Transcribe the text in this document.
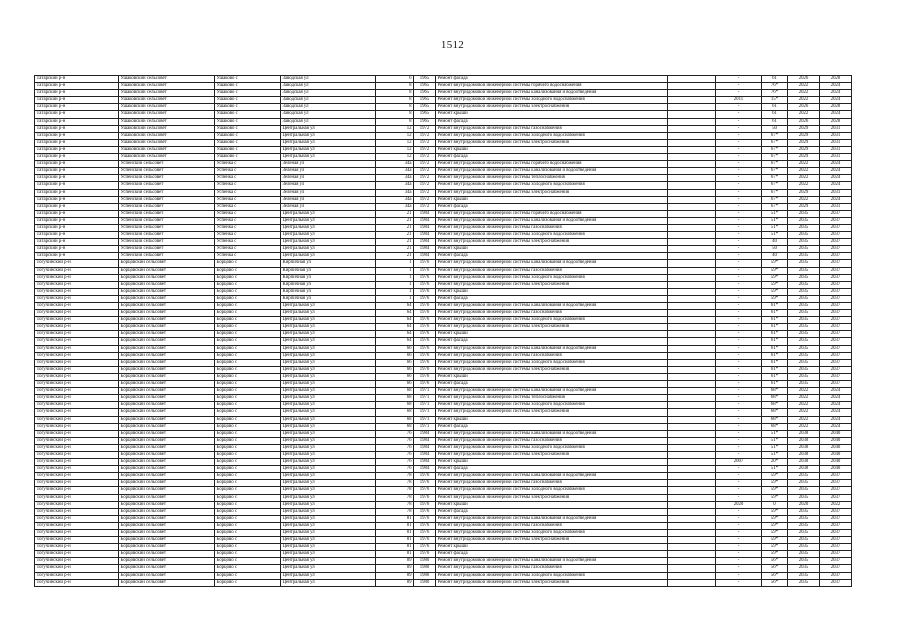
1512
Татарский р-н	Ушаковский сельсовет	Ушаково с	Заводская ул	6	1965	Ремонт фасада		-	61	2026	2028
Татарский р-н	Ушаковский сельсовет	Ушаково с	Заводская ул	8	1965	Ремонт внутридомовой инженерной системы горячего водоснабжения		-	76*	2022	2024
Татарский р-н	Ушаковский сельсовет	Ушаково с	Заводская ул	8	1965	Ремонт внутридомовой инженерной системы канализования и водоотведения		-	76*	2022	2024
Татарский р-н	Ушаковский сельсовет	Ушаково с	Заводская ул	8	1965	Ремонт внутридомовой инженерной системы холодного водоснабжения		2011	15*	2022	2024
Татарский р-н	Ушаковский сельсовет	Ушаково с	Заводская ул	8	1965	Ремонт внутридомовой инженерной системы электроснабжения		-	61	2026	2028
Татарский р-н	Ушаковский сельсовет	Ушаково с	Заводская ул	8	1965	Ремонт крыши		-	61	2022	2024
Татарский р-н	Ушаковский сельсовет	Ушаково с	Заводская ул	8	1965	Ремонт фасада		-	61	2026	2028
Татарский р-н	Ушаковский сельсовет	Ушаково с	Центральная ул	12	1972	Ремонт внутридомовой инженерной системы газоснабжения		-	50	2029	2031
Татарский р-н	Ушаковский сельсовет	Ушаково с	Центральная ул	12	1972	Ремонт внутридомовой инженерной системы холодного водоснабжения		-	67*	2029	2031
Татарский р-н	Ушаковский сельсовет	Ушаково с	Центральная ул	12	1972	Ремонт внутридомовой инженерной системы электроснабжения		-	67*	2029	2031
Татарский р-н	Ушаковский сельсовет	Ушаково с	Центральная ул	12	1972	Ремонт крыши		-	67*	2029	2031
Татарский р-н	Ушаковский сельсовет	Ушаково с	Центральная ул	12	1972	Ремонт фасада		-	67*	2029	2031
Татарский р-н	Успенский сельсовет	Успенка с	Зеленая ул	34а	1972	Ремонт внутридомовой инженерной системы горячего водоснабжения		-	67*	2022	2024
Татарский р-н	Успенский сельсовет	Успенка с	Зеленая ул	34а	1972	Ремонт внутридомовой инженерной системы канализования и водоотведения		-	67*	2022	2024
Татарский р-н	Успенский сельсовет	Успенка с	Зеленая ул	34а	1972	Ремонт внутридомовой инженерной системы теплоснабжения		-	67*	2022	2024
Татарский р-н	Успенский сельсовет	Успенка с	Зеленая ул	34а	1972	Ремонт внутридомовой инженерной системы холодного водоснабжения		-	67*	2022	2024
Татарский р-н	Успенский сельсовет	Успенка с	Зеленая ул	34а	1972	Ремонт внутридомовой инженерной системы электроснабжения		-	67*	2029	2031
Татарский р-н	Успенский сельсовет	Успенка с	Зеленая ул	34а	1972	Ремонт крыши		-	67*	2022	2024
Татарский р-н	Успенский сельсовет	Успенка с	Зеленая ул	34а	1972	Ремонт фасада		-	67*	2029	2031
Татарский р-н	Успенский сельсовет	Успенка с	Центральная ул	21	1984	Ремонт внутридомовой инженерной системы горячего водоснабжения		-	51*	2035	2037
Татарский р-н	Успенский сельсовет	Успенка с	Центральная ул	21	1984	Ремонт внутридомовой инженерной системы канализования и водоотведения		-	51*	2035	2037
Татарский р-н	Успенский сельсовет	Успенка с	Центральная ул	21	1984	Ремонт внутридомовой инженерной системы газоснабжения		-	51*	2035	2037
Татарский р-н	Успенский сельсовет	Успенка с	Центральная ул	21	1984	Ремонт внутридомовой инженерной системы холодного водоснабжения		-	51*	2035	2037
Татарский р-н	Успенский сельсовет	Успенка с	Центральная ул	21	1984	Ремонт внутридомовой инженерной системы электроснабжения		-	40	2035	2037
Татарский р-н	Успенский сельсовет	Успенка с	Центральная ул	21	1984	Ремонт крыши		-	50	2035	2037
Татарский р-н	Успенский сельсовет	Успенка с	Центральная ул	21	1984	Ремонт фасада		-	40	2035	2037
Тогучинский р-н	Борцовский сельсовет	Борцово с	Кирпичная ул	1	1976	Ремонт внутридомовой инженерной системы канализования и водоотведения		-	59*	2035	2037
Тогучинский р-н	Борцовский сельсовет	Борцово с	Кирпичная ул	1	1976	Ремонт внутридомовой инженерной системы газоснабжения		-	59*	2035	2037
Тогучинский р-н	Борцовский сельсовет	Борцово с	Кирпичная ул	1	1976	Ремонт внутридомовой инженерной системы холодного водоснабжения		-	59*	2035	2037
Тогучинский р-н	Борцовский сельсовет	Борцово с	Кирпичная ул	1	1976	Ремонт внутридомовой инженерной системы электроснабжения		-	59*	2035	2037
Тогучинский р-н	Борцовский сельсовет	Борцово с	Кирпичная ул	1	1976	Ремонт крыши		-	59*	2035	2037
Тогучинский р-н	Борцовский сельсовет	Борцово с	Кирпичная ул	1	1976	Ремонт фасада		-	59*	2035	2037
Тогучинский р-н	Борцовский сельсовет	Борцово с	Центральная ул	64	1976	Ремонт внутридомовой инженерной системы канализования и водоотведения		-	61*	2035	2037
Тогучинский р-н	Борцовский сельсовет	Борцово с	Центральная ул	64	1976	Ремонт внутридомовой инженерной системы газоснабжения		-	61*	2035	2037
Тогучинский р-н	Борцовский сельсовет	Борцово с	Центральная ул	64	1976	Ремонт внутридомовой инженерной системы холодного водоснабжения		-	61*	2035	2037
Тогучинский р-н	Борцовский сельсовет	Борцово с	Центральная ул	64	1976	Ремонт внутридомовой инженерной системы электроснабжения		-	61*	2035	2037
Тогучинский р-н	Борцовский сельсовет	Борцово с	Центральная ул	64	1976	Ремонт крыши		-	61*	2035	2037
Тогучинский р-н	Борцовский сельсовет	Борцово с	Центральная ул	64	1976	Ремонт фасада		-	61*	2035	2037
Тогучинский р-н	Борцовский сельсовет	Борцово с	Центральная ул	66	1976	Ремонт внутридомовой инженерной системы канализования и водоотведения		-	61*	2035	2037
Тогучинский р-н	Борцовский сельсовет	Борцово с	Центральная ул	66	1976	Ремонт внутридомовой инженерной системы газоснабжения		-	61*	2035	2037
Тогучинский р-н	Борцовский сельсовет	Борцово с	Центральная ул	66	1976	Ремонт внутридомовой инженерной системы холодного водоснабжения		-	61*	2035	2037
Тогучинский р-н	Борцовский сельсовет	Борцово с	Центральная ул	66	1976	Ремонт внутридомовой инженерной системы электроснабжения		-	61*	2035	2037
Тогучинский р-н	Борцовский сельсовет	Борцово с	Центральная ул	66	1976	Ремонт крыши		-	61*	2035	2037
Тогучинский р-н	Борцовский сельсовет	Борцово с	Центральная ул	66	1976	Ремонт фасада		-	61*	2035	2037
Тогучинский р-н	Борцовский сельсовет	Борцово с	Центральная ул	68	1971	Ремонт внутридомовой инженерной системы канализования и водоотведения		-	68*	2022	2024
Тогучинский р-н	Борцовский сельсовет	Борцово с	Центральная ул	68	1971	Ремонт внутридомовой инженерной системы теплоснабжения		-	68*	2022	2024
Тогучинский р-н	Борцовский сельсовет	Борцово с	Центральная ул	68	1971	Ремонт внутридомовой инженерной системы холодного водоснабжения		-	68*	2022	2024
Тогучинский р-н	Борцовский сельсовет	Борцово с	Центральная ул	68	1971	Ремонт внутридомовой инженерной системы электроснабжения		-	68*	2022	2024
Тогучинский р-н	Борцовский сельсовет	Борцово с	Центральная ул	68	1971	Ремонт крыши		-	68*	2022	2024
Тогучинский р-н	Борцовский сельсовет	Борцово с	Центральная ул	68	1971	Ремонт фасада		-	68*	2022	2024
Тогучинский р-н	Борцовский сельсовет	Борцово с	Центральная ул	76	1984	Ремонт внутридомовой инженерной системы канализования и водоотведения		-	51*	2038	2040
Тогучинский р-н	Борцовский сельсовет	Борцово с	Центральная ул	76	1984	Ремонт внутридомовой инженерной системы газоснабжения		-	51*	2038	2040
Тогучинский р-н	Борцовский сельсовет	Борцово с	Центральная ул	76	1984	Ремонт внутридомовой инженерной системы холодного водоснабжения		-	51*	2038	2040
Тогучинский р-н	Борцовский сельсовет	Борцово с	Центральная ул	76	1984	Ремонт внутридомовой инженерной системы электроснабжения		-	51*	2038	2040
Тогучинский р-н	Борцовский сельсовет	Борцово с	Центральная ул	76	1984	Ремонт крыши		2007	20*	2038	2040
Тогучинский р-н	Борцовский сельсовет	Борцово с	Центральная ул	76	1984	Ремонт фасада		-	51*	2038	2040
Тогучинский р-н	Борцовский сельсовет	Борцово с	Центральная ул	78	1976	Ремонт внутридомовой инженерной системы канализования и водоотведения		-	59*	2035	2037
Тогучинский р-н	Борцовский сельсовет	Борцово с	Центральная ул	78	1976	Ремонт внутридомовой инженерной системы газоснабжения		-	59*	2035	2037
Тогучинский р-н	Борцовский сельсовет	Борцово с	Центральная ул	78	1976	Ремонт внутридомовой инженерной системы холодного водоснабжения		-	59*	2035	2037
Тогучинский р-н	Борцовский сельсовет	Борцово с	Центральная ул	78	1976	Ремонт внутридомовой инженерной системы электроснабжения		-	59*	2035	2037
Тогучинский р-н	Борцовский сельсовет	Борцово с	Центральная ул	78	1976	Ремонт крыши		2020	0	2020	2022
Тогучинский р-н	Борцовский сельсовет	Борцово с	Центральная ул	78	1976	Ремонт фасада		-	59*	2035	2037
Тогучинский р-н	Борцовский сельсовет	Борцово с	Центральная ул	81	1976	Ремонт внутридомовой инженерной системы канализования и водоотведения		-	59*	2035	2037
Тогучинский р-н	Борцовский сельсовет	Борцово с	Центральная ул	81	1976	Ремонт внутридомовой инженерной системы газоснабжения		-	59*	2035	2037
Тогучинский р-н	Борцовский сельсовет	Борцово с	Центральная ул	81	1976	Ремонт внутридомовой инженерной системы холодного водоснабжения		-	59*	2035	2037
Тогучинский р-н	Борцовский сельсовет	Борцово с	Центральная ул	81	1976	Ремонт внутридомовой инженерной системы электроснабжения		-	59*	2035	2037
Тогучинский р-н	Борцовский сельсовет	Борцово с	Центральная ул	81	1976	Ремонт крыши		-	59*	2035	2037
Тогучинский р-н	Борцовский сельсовет	Борцово с	Центральная ул	81	1976	Ремонт фасада		-	59*	2035	2037
Тогучинский р-н	Борцовский сельсовет	Борцово с	Центральная ул	89	1980	Ремонт внутридомовой инженерной системы канализования и водоотведения		-	56*	2035	2037
Тогучинский р-н	Борцовский сельсовет	Борцово с	Центральная ул	89	1980	Ремонт внутридомовой инженерной системы газоснабжения		-	56*	2035	2037
Тогучинский р-н	Борцовский сельсовет	Борцово с	Центральная ул	89	1980	Ремонт внутридомовой инженерной системы холодного водоснабжения		-	56*	2035	2037
Тогучинский р-н	Борцовский сельсовет	Борцово с	Центральная ул	89	1980	Ремонт внутридомовой инженерной системы электроснабжения		-	56*	2035	2037
